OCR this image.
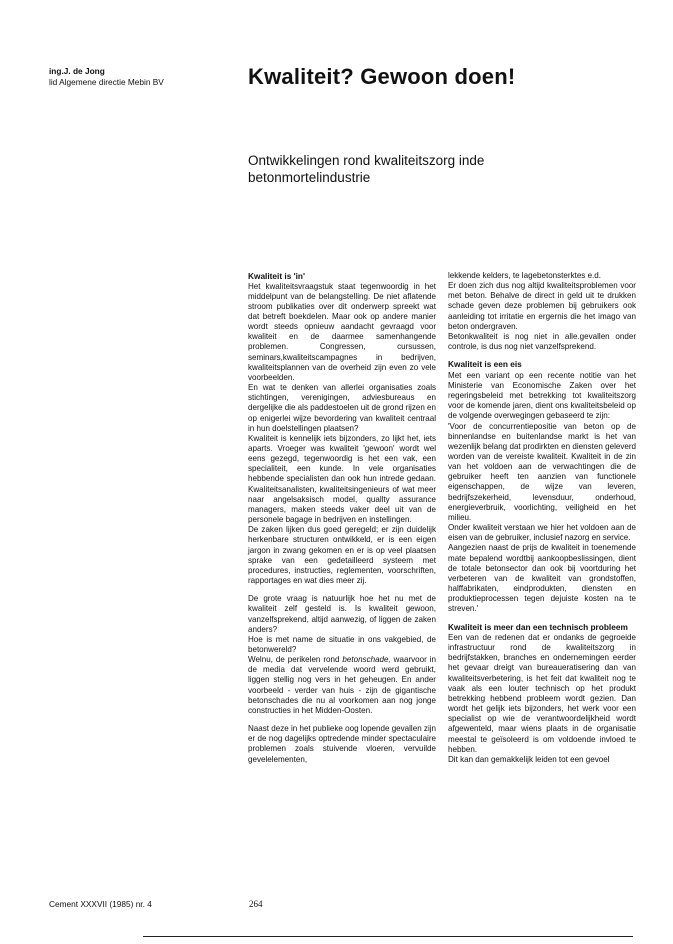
ing.J. de Jong
lid Algemene directie Mebin BV	Kwaliteit? Gewoon doen!

Ontwikkelingen rond kwaliteitszorg inde betonmortelindustrie

Kwaliteit is 'in'

Het kwaliteitsvraagstuk staat tegenwoordig in het middelpunt van de belangstelling. De niet aflatende stroom publikaties over dit onderwerp spreekt wat dat betreft boekdelen. Maar ook op andere manier wordt steeds opnieuw aandacht gevraagd voor kwaliteit en de daarmee samenhangende problemen. Congressen, cursussen, seminars,kwaliteitscampagnes in bedrijven, kwaliteitsplannen van de overheid zijn even zo vele voorbeelden.

En wat te denken van allerlei organisaties zoals stichtingen, verenigingen, adviesbureaus en dergelijke die als paddestoelen uit de grond rijzen en op enigerlei wijze bevordering van kwaliteit centraal in hun doelstellingen plaatsen?

Kwaliteit is kennelijk iets bijzonders, zo lijkt het, iets aparts. Vroeger was kwaliteit 'gewoon' wordt wel eens gezegd, tegenwoordig is het een vak, een specialiteit, een kunde. In vele organisaties hebbende specialisten dan ook hun intrede gedaan. Kwaliteitsanalisten, kwaliteitsingenieurs of wat meer naar angelsaksisch model, quallty assurance managers, maken steeds vaker deel uit van de personele bagage in bedrijven en instellingen.

De zaken lijken dus goed geregeld; er zijn duidelijk herkenbare structuren ontwikkeld, er is een eigen jargon in zwang gekomen en er is op veel plaatsen sprake van een gedetailleerd systeem met procedures, instructies, reglementen, voorschriften, rapportages en wat dies meer zij.

De grote vraag is natuurlijk hoe het nu met de kwaliteit zelf gesteld is. Is kwaliteit gewoon, vanzelfsprekend, altijd aanwezig, of liggen de zaken anders?

Hoe is met name de situatie in ons vakgebied, de betonwereld?

Welnu, de perikelen rond betonschade, waarvoor in de media dat vervelende woord werd gebruikt, liggen stellig nog vers in het geheugen. En ander voorbeeld - verder van huis - zijn de gigantische betonschades die nu al voorkomen aan nog jonge constructies in het Midden-Oosten.

Naast deze in het publieke oog lopende gevallen zijn er de nog dagelijks optredende minder spectaculaire problemen zoals stuivende vloeren, vervuilde gevelelementen,

lekkende kelders, te lagebetonsterktes e.d.

Er doen zich dus nog altijd kwaliteitsproblemen voor met beton. Behalve de direct in geld uit te drukken schade geven deze problemen bij gebruikers ook aanleiding tot irritatie en ergernis die het imago van beton ondergraven.

Betonkwaliteit is nog niet in alle.gevallen onder controle, is dus nog niet vanzelfsprekend.

Kwaliteit is een eis

Met een variant op een recente notitie van het Ministerie van Economische Zaken over het regeringsbeleid met betrekking tot kwaliteitszorg voor de komende jaren, dient ons kwaliteitsbeleid op de volgende overwegingen gebaseerd te zijn:

'Voor de concurrentiepositie van beton op de binnenlandse en buitenlandse markt is het van wezenlijk belang dat prodirkten en diensten geleverd worden van de vereiste kwaliteit. Kwaliteit in de zin van het voldoen aan de verwachtingen die de gebruiker heeft ten aanzien van functionele eigenschappen, de wijze van leveren, bedrijfszekerheid, levensduur, onderhoud, energieverbruik, voorlichting, veiligheid en het milieu.

Onder kwaliteit verstaan we hier het voldoen aan de eisen van de gebruiker, inclusief nazorg en service.

Aangezien naast de prijs de kwaliteit in toenemende mate bepalend wordtbij aankoopbeslissingen, dient de totale betonsector dan ook bij voortduring het verbeteren van de kwaliteit van grondstoffen, halffabrikaten, eindprodukten, diensten en produktieprocessen tegen dejuiste kosten na te streven.'

Kwaliteit is meer dan een technisch probleem

Een van de redenen dat er ondanks de gegroeide infrastructuur rond de kwaliteitszorg in bedrijfstakken, branches en ondernemingen eerder het gevaar dreigt van bureaueratisering dan van kwaliteitsverbetering, is het feit dat kwaliteit nog te vaak als een louter technisch op het produkt betrekking hebbend probleem wordt gezien. Dan wordt het gelijk iets bijzonders, het werk voor een specialist op wie de verantwoordelijkheid wordt afgewenteld, maar wiens plaats in de organisatie meestal te geïsoleerd is om voldoende invloed te hebben.

Dit kan dan gemakkelijk leiden tot een gevoel

Cement XXXVII (1985) nr. 4	264
